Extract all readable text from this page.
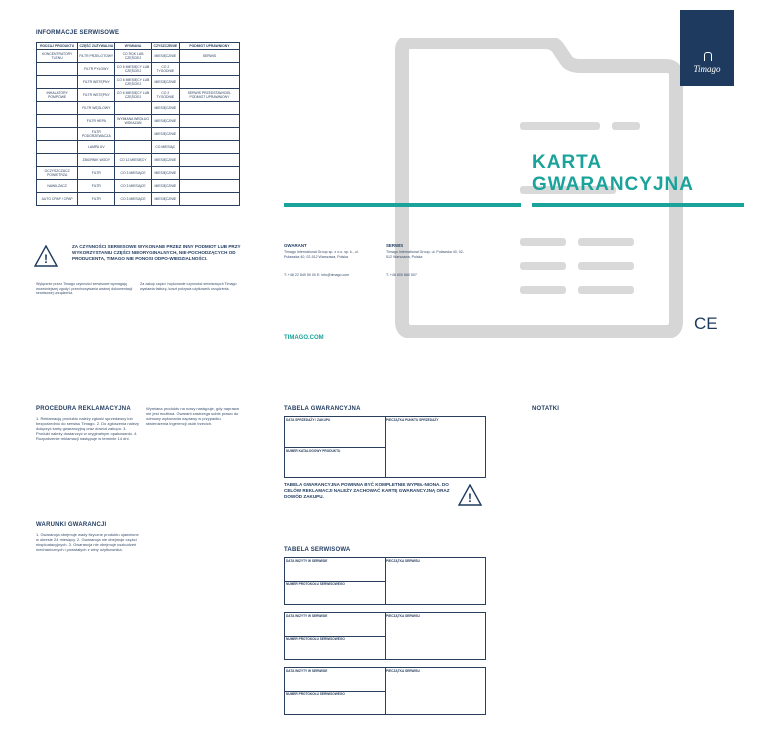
INFORMACJE SERWISOWE
RODZAJ PRODUKTU	CZĘŚĆ ZUŻYWALNA	WYMIANA	CZYSZCZENIE	PODMIOT UPRAWNIONY
KONCENTRATORY TLENU	FILTR PRZELOTOWY	CO ROK LUB CZĘŚCIEJ	MIESIĘCZNIE	SERWIS
	FILTR PYŁOWY	CO 6 MIESIĘCY LUB CZĘŚCIEJ	CO 2 TYGODNIE	
	FILTR WSTĘPNY	CO 6 MIESIĘCY LUB CZĘŚCIEJ	MIESIĘCZNIE	
INHALATORY POMPOWE	FILTR WSTĘPNY	CO 6 MIESIĘCY LUB CZĘŚCIEJ	CO 2 TYGODNIE	SERWIS PRZEDSTAWICIEL PODMIOT UPRAWNIONY
	FILTR WĘGLOWY		MIESIĘCZNIE	
	FILTR HEPA	WYMIANA WEDŁUG WSKAZAŃ	MIESIĘCZNIE	
	FILTR PODGRZEWACZA		MIESIĘCZNIE	
	LAMPA UV		CO MIESIĄC	
	ZBIORNIK WODY	CO 12 MIESIĘCY	MIESIĘCZNIE	
OCZYSZCZACZ POWIETRZA	FILTR	CO 3 MIESIĄCE	MIESIĘCZNIE	
NAWILŻACZ	FILTR	CO 3 MIESIĄCE	MIESIĘCZNIE	
AUTO CPAP / CPAP	FILTR	CO 3 MIESIĄCE	MIESIĘCZNIE	
!
ZA CZYNNOŚCI SERWISOWE WYKONANE PRZEZ INNY PODMIOT LUB PRZY WYKORZYSTANIU CZĘŚCI NIEORYGINALNYCH, NIE-POCHODZĄCYCH OD PRODUCENTA, TIMAGO NIE PONOSI ODPO-WIEDZIALNOŚCI.
Wyłącznie przez Timago czynności serwisowe wymagają wcześniejszej zgody i przechowywania ważnej dokumentacji serwisowej urządzenia.
Za zakup części i wykonanie czynności serwisowych Timago wystawia fakturę, koszt pokrywa użytkownik urządzenia.
Timago
KARTA
GWARANCYJNA
GWARANT
Timago International Group sp. z o.o. sp. k., ul. Puławska 40, 02-512 Warszawa, Polska
T: +48 22 849 50 00 E: info@timago.com
SERWIS
Timago International Group, ul. Puławska 40, 02-512 Warszawa, Polska
T: +48 800 880 507
CE
TIMAGO.COM
PROCEDURA REKLAMACYJNA
1. Reklamację produktu należy zgłosić sprzedawcy lub bezpośrednio do serwisu Timago. 2. Do zgłoszenia należy dołączyć kartę gwarancyjną oraz dowód zakupu. 3. Produkt należy dostarczyć w oryginalnym opakowaniu. 4. Rozpatrzenie reklamacji następuje w terminie 14 dni.
WARUNKI GWARANCJI
1. Gwarancja obejmuje wady fizyczne produktu ujawnione w okresie 24 miesięcy. 2. Gwarancja nie obejmuje części eksploatacyjnych. 3. Gwarancja nie obejmuje uszkodzeń mechanicznych i powstałych z winy użytkownika.
Wymiana produktu na nowy następuje, gdy naprawa nie jest możliwa. Gwarant zastrzega sobie prawo do odmowy wykonania naprawy w przypadku stwierdzenia ingerencji osób trzecich.
TABELA GWARANCYJNA
DATA SPRZEDAŻY / ZAKUPU	PIECZĄTKA PUNKTU SPRZEDAŻY
NUMER KATALOGOWY PRODUKTU
TABELA GWARANCYJNA POWINNA BYĆ KOMPLETNIE WYPEŁ-NIONA. DO CELÓW REKLAMACJI NALEŻY ZACHOWAĆ KARTĘ GWARANCYJNĄ ORAZ DOWÓD ZAKUPU.	!
TABELA SERWISOWA
DATA WIZYTY W SERWISIE	PIECZĄTKA SERWISU
NUMER PROTOKOŁU SERWISOWEGO
DATA WIZYTY W SERWISIE	PIECZĄTKA SERWISU
NUMER PROTOKOŁU SERWISOWEGO
DATA WIZYTY W SERWISIE	PIECZĄTKA SERWISU
NUMER PROTOKOŁU SERWISOWEGO
NOTATKI
